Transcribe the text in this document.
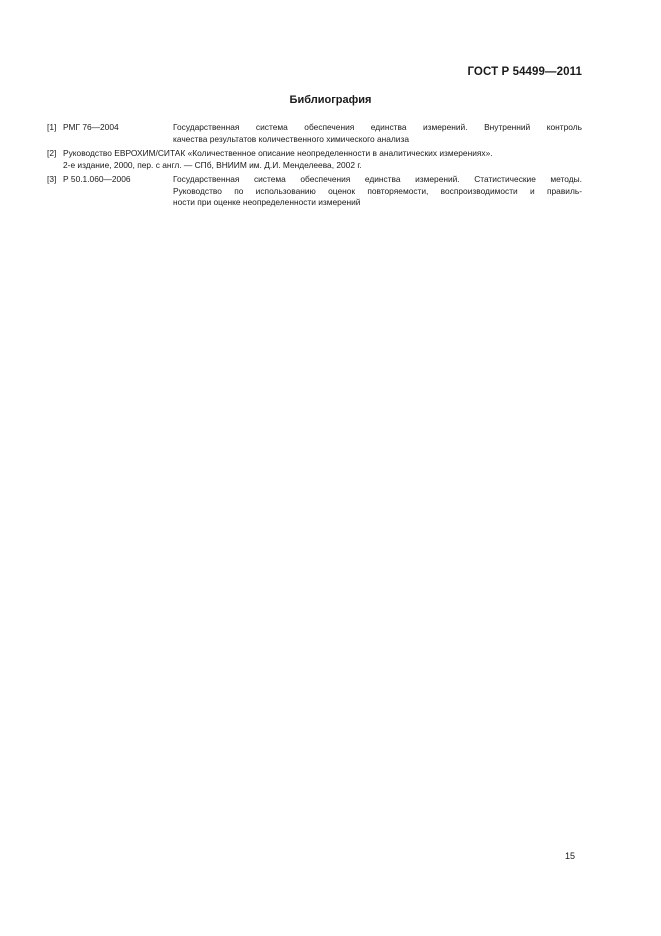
ГОСТ Р 54499—2011
Библиография
[1] РМГ 76—2004	Государственная система обеспечения единства измерений. Внутренний контроль
качества результатов количественного химического анализа
[2] Руководство ЕВРОХИМ/СИТАК «Количественное описание неопределенности в аналитических измерениях».
2-е издание, 2000, пер. с англ. — СПб, ВНИИМ им. Д.И. Менделеева, 2002 г.
[3] Р 50.1.060—2006	Государственная система обеспечения единства измерений. Статистические методы.
Руководство по использованию оценок повторяемости, воспроизводимости и правиль-
ности при оценке неопределенности измерений
15
